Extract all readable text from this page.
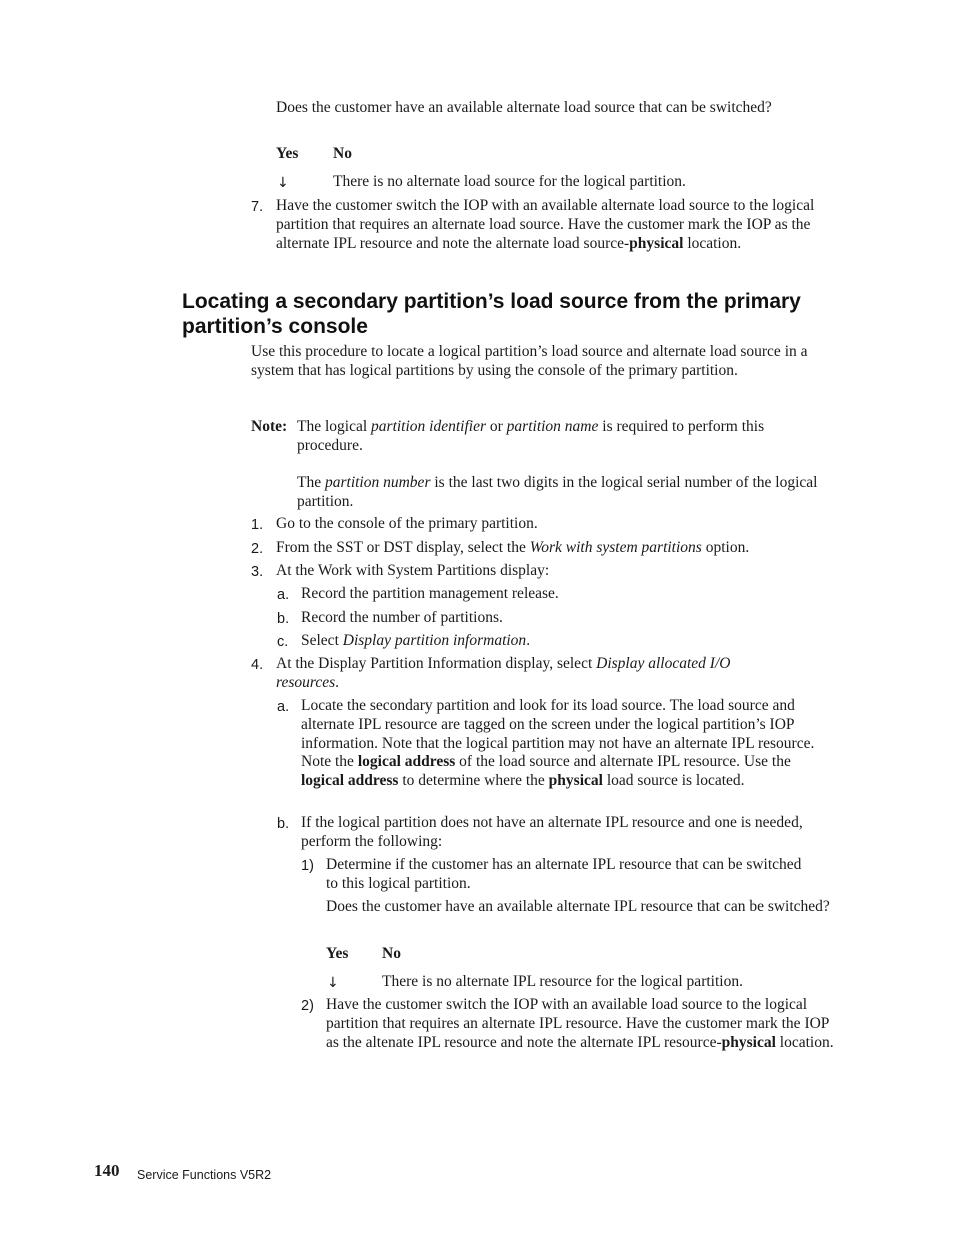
Does the customer have an available alternate load source that can be switched?
Yes No
↓	There is no alternate load source for the logical partition.
7. Have the customer switch the IOP with an available alternate load source to the logical partition that requires an alternate load source. Have the customer mark the IOP as the alternate IPL resource and note the alternate load source-physical location.
Locating a secondary partition’s load source from the primary partition’s console
Use this procedure to locate a logical partition’s load source and alternate load source in a system that has logical partitions by using the console of the primary partition.
Note: The logical partition identifier or partition name is required to perform this procedure.
The partition number is the last two digits in the logical serial number of the logical partition.
1. Go to the console of the primary partition.
2. From the SST or DST display, select the Work with system partitions option.
3. At the Work with System Partitions display:
a. Record the partition management release.
b. Record the number of partitions.
c. Select Display partition information.
4. At the Display Partition Information display, select Display allocated I/O resources.
a. Locate the secondary partition and look for its load source. The load source and alternate IPL resource are tagged on the screen under the logical partition’s IOP information. Note that the logical partition may not have an alternate IPL resource. Note the logical address of the load source and alternate IPL resource. Use the logical address to determine where the physical load source is located.
b. If the logical partition does not have an alternate IPL resource and one is needed, perform the following:
1) Determine if the customer has an alternate IPL resource that can be switched to this logical partition.
Does the customer have an available alternate IPL resource that can be switched?
Yes No
↓	There is no alternate IPL resource for the logical partition.
2) Have the customer switch the IOP with an available load source to the logical partition that requires an alternate IPL resource. Have the customer mark the IOP as the altenate IPL resource and note the alternate IPL resource-physical location.
140 Service Functions V5R2
